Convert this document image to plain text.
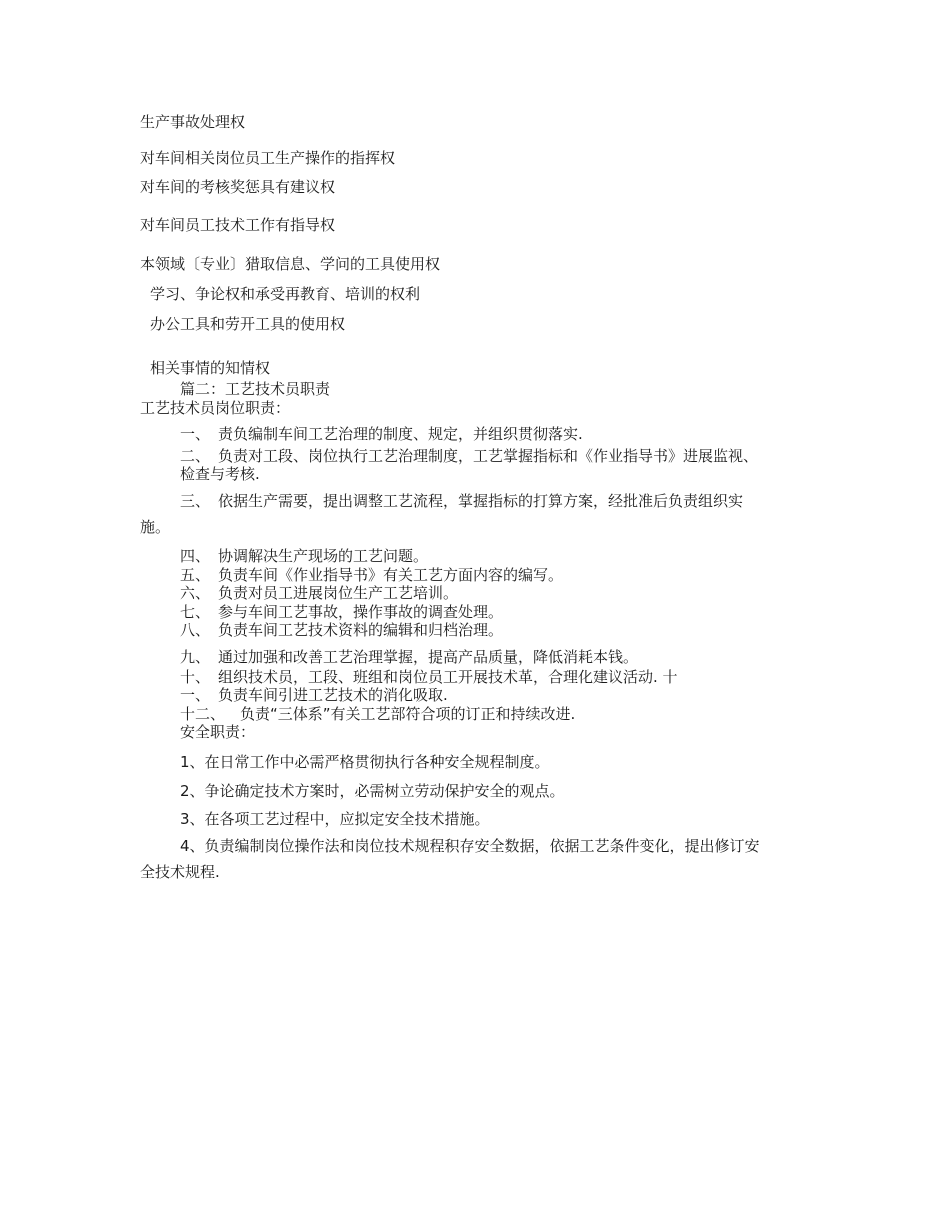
生产事故处理权
对车间相关岗位员工生产操作的指挥权
对车间的考核奖惩具有建议权
对车间员工技术工作有指导权
本领域〔专业〕猎取信息、学问的工具使用权
学习、争论权和承受再教育、培训的权利
办公工具和劳开工具的使用权
相关事情的知情权
篇二：工艺技术员职责
工艺技术员岗位职责：
一、 责负编制车间工艺治理的制度、规定，并组织贯彻落实.
二、 负责对工段、岗位执行工艺治理制度，工艺掌握指标和《作业指导书》进展监视、
检查与考核.
三、 依据生产需要，提出调整工艺流程，掌握指标的打算方案，经批准后负责组织实
施。
四、 协调解决生产现场的工艺问题。
五、 负责车间《作业指导书》有关工艺方面内容的编写。
六、 负责对员工进展岗位生产工艺培训。
七、 参与车间工艺事故，操作事故的调查处理。
八、 负责车间工艺技术资料的编辑和归档治理。
九、 通过加强和改善工艺治理掌握，提高产品质量，降低消耗本钱。
十、 组织技术员，工段、班组和岗位员工开展技术革，合理化建议活动. 十
一、 负责车间引进工艺技术的消化吸取.
十二、 负责“三体系”有关工艺部符合项的订正和持续改进.
安全职责：
1、在日常工作中必需严格贯彻执行各种安全规程制度。
2、争论确定技术方案时，必需树立劳动保护安全的观点。
3、在各项工艺过程中，应拟定安全技术措施。
4、负责编制岗位操作法和岗位技术规程积存安全数据，依据工艺条件变化，提出修订安
全技术规程.
